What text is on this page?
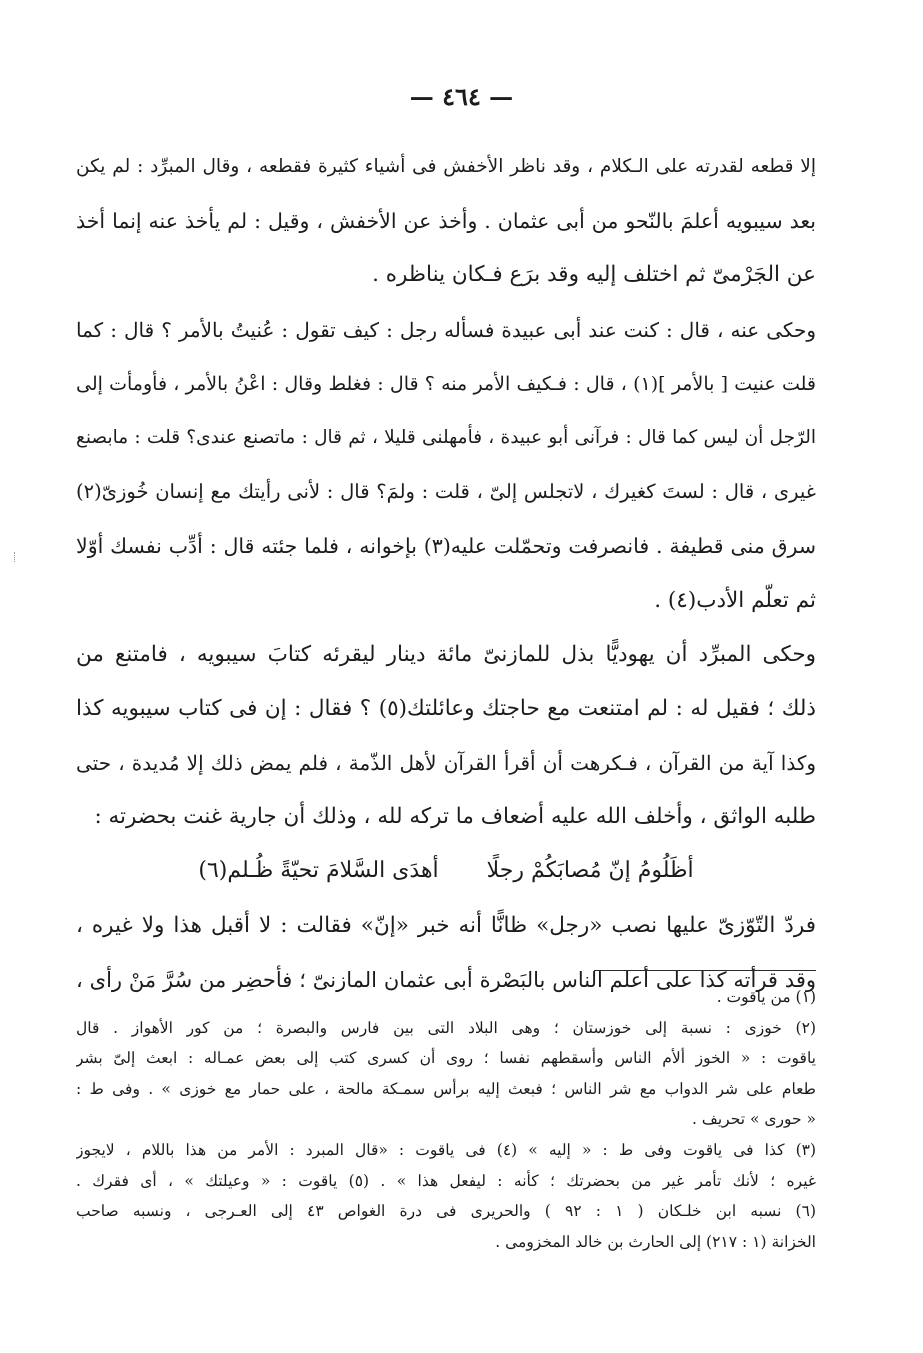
— ٤٦٤ —
إلا قطعه لقدرته على الـكلام ، وقد ناظر الأخفش فى أشياء كثيرة فقطعه ، وقال المبرِّد : لم يكن
بعد سيبويه أعلمَ بالنّحو من أبى عثمان . وأخذ عن الأخفش ، وقيل : لم يأخذ عنه إنما أخذ
عن الجَرْمىّ ثم اختلف إليه وقد برَع فـكان يناظره .
وحكى عنه ، قال : كنت عند أبى عبيدة فسأله رجل : كيف تقول : عُنيتُ بالأمر ؟ قال : كما
قلت عنيت [ بالأمر ](١) ، قال : فـكيف الأمر منه ؟ قال : فغلط وقال : اعْنُ بالأمر ، فأومأت إلى
الرّجل أن ليس كما قال : فرآنى أبو عبيدة ، فأمهلنى قليلا ، ثم قال : ماتصنع عندى؟ قلت : مابصنع
غيرى ، قال : لستَ كغيرك ، لاتجلس إلىّ ، قلت : ولمَ؟ قال : لأنى رأيتك مع إنسان خُوزىّ(٢)
سرق منى قطيفة . فانصرفت وتحمّلت عليه(٣) بإخوانه ، فلما جئته قال : أدِّب نفسك أوّلا
ثم تعلّم الأدب(٤) .
وحكى المبرِّد أن يهوديًّا بذل للمازنىّ مائة دينار ليقرئه كتابَ سيبويه ، فامتنع من
ذلك ؛ فقيل له : لم امتنعت مع حاجتك وعائلتك(٥) ؟ فقال : إن فى كتاب سيبويه كذا
وكذا آية من القرآن ، فـكرهت أن أقرأ القرآن لأهل الذّمة ، فلم يمض ذلك إلا مُديدة ، حتى
طلبه الواثق ، وأخلف الله عليه أضعاف ما تركه لله ، وذلك أن جارية غنت بحضرته :
أظَلُومُ إنّ مُصابَكُمْ رجلًاأهدَى السَّلامَ تحيّةً ظُـلم(٦)
فردّ التّوّزىّ عليها نصب «رجل» ظانًّا أنه خبر «إنّ» فقالت : لا أقبل هذا ولا غيره ،
وقد قرأته كذا على أعلم الناس بالبَصْرة أبى عثمان المازنىّ ؛ فأحضِر من سُرَّ مَنْ رأى ،
(١) من ياقوت .
(٢) خوزى : نسبة إلى خوزستان ؛ وهى البلاد التى بين فارس والبصرة ؛ من كور الأهواز . قال
ياقوت : « الخوز ألأم الناس وأسقطهم نفسا ؛ روى أن كسرى كتب إلى بعض عمـاله : ابعث إلىّ بشر
طعام على شر الدواب مع شر الناس ؛ فبعث إليه برأس سمـكة مالحة ، على حمار مع خوزى » . وفى ط :
« حورى » تحريف .
(٣) كذا فى ياقوت وفى ط : « إليه » (٤) فى ياقوت : «قال المبرد : الأمر من هذا باللام ، لايجوز
غيره ؛ لأنك تأمر غير من بحضرتك ؛ كأنه : ليفعل هذا » . (٥) ياقوت : « وعيلتك » ، أى فقرك .
(٦) نسبه ابن خلـكان ( ١ : ٩٢ ) والحريرى فى درة الغواص ٤٣ إلى العـرجى ، ونسبه صاحب
الخزانة (١ : ٢١٧) إلى الحارث بن خالد المخزومى .
